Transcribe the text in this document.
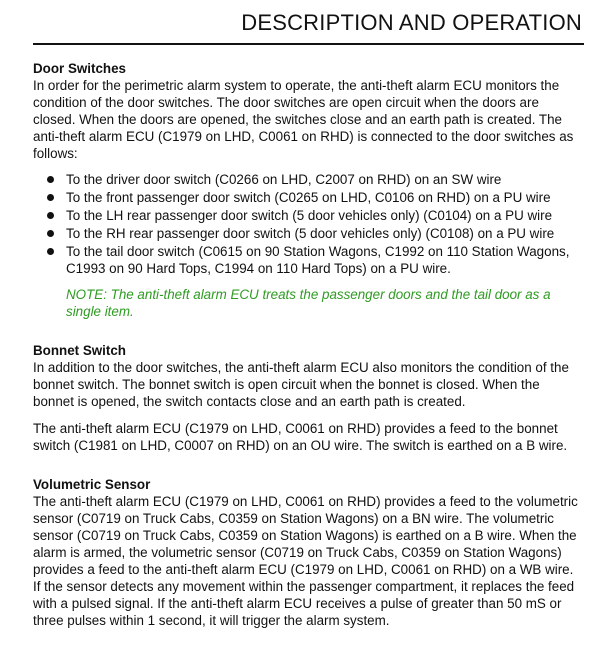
DESCRIPTION AND OPERATION
Door Switches

In order for the perimetric alarm system to operate, the anti-theft alarm ECU monitors the condition of the door switches. The door switches are open circuit when the doors are closed. When the doors are opened, the switches close and an earth path is created. The anti-theft alarm ECU (C1979 on LHD, C0061 on RHD) is connected to the door switches as follows:

To the driver door switch (C0266 on LHD, C2007 on RHD) on an SW wire
To the front passenger door switch (C0265 on LHD, C0106 on RHD) on a PU wire
To the LH rear passenger door switch (5 door vehicles only) (C0104) on a PU wire
To the RH rear passenger door switch (5 door vehicles only) (C0108) on a PU wire
To the tail door switch (C0615 on 90 Station Wagons, C1992 on 110 Station Wagons, C1993 on 90 Hard Tops, C1994 on 110 Hard Tops) on a PU wire.

NOTE: The anti-theft alarm ECU treats the passenger doors and the tail door as a single item.

Bonnet Switch

In addition to the door switches, the anti-theft alarm ECU also monitors the condition of the bonnet switch. The bonnet switch is open circuit when the bonnet is closed. When the bonnet is opened, the switch contacts close and an earth path is created.

The anti-theft alarm ECU (C1979 on LHD, C0061 on RHD) provides a feed to the bonnet switch (C1981 on LHD, C0007 on RHD) on an OU wire. The switch is earthed on a B wire.

Volumetric Sensor

The anti-theft alarm ECU (C1979 on LHD, C0061 on RHD) provides a feed to the volumetric sensor (C0719 on Truck Cabs, C0359 on Station Wagons) on a BN wire. The volumetric sensor (C0719 on Truck Cabs, C0359 on Station Wagons) is earthed on a B wire. When the alarm is armed, the volumetric sensor (C0719 on Truck Cabs, C0359 on Station Wagons) provides a feed to the anti-theft alarm ECU (C1979 on LHD, C0061 on RHD) on a WB wire. If the sensor detects any movement within the passenger compartment, it replaces the feed with a pulsed signal. If the anti-theft alarm ECU receives a pulse of greater than 50 mS or three pulses within 1 second, it will trigger the alarm system.
